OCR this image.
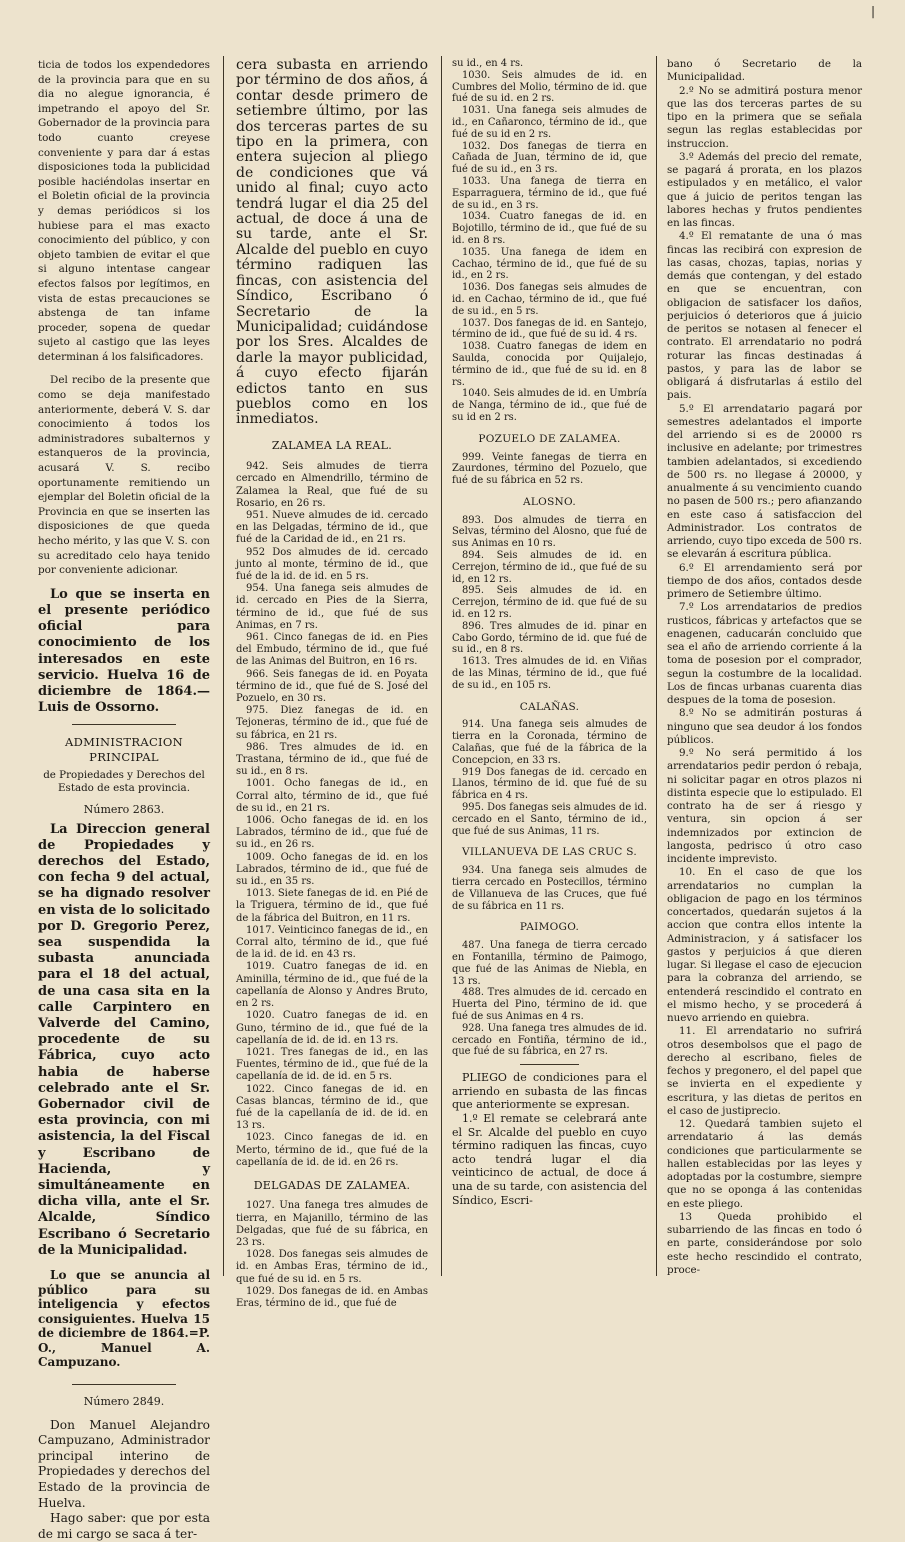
|

ticia de todos los expendedores de la provincia para que en su dia no alegue ignorancia, é impetrando el apoyo del Sr. Gobernador de la provincia para todo cuanto creyese conveniente y para dar á estas disposiciones toda la publicidad posible haciéndolas insertar en el Boletin oficial de la provincia y demas periódicos si los hubiese para el mas exacto conocimiento del público, y con objeto tambien de evitar el que si alguno intentase cangear efectos falsos por legítimos, en vista de estas precauciones se abstenga de tan infame proceder, sopena de quedar sujeto al castigo que las leyes determinan á los falsificadores.

Del recibo de la presente que como se deja manifestado anteriormente, deberá V. S. dar conocimiento á todos los administradores subalternos y estanqueros de la provincia, acusará V. S. recibo oportunamente remitiendo un ejemplar del Boletin oficial de la Provincia en que se inserten las disposiciones de que queda hecho mérito, y las que V. S. con su acreditado celo haya tenido por conveniente adicionar.

Lo que se inserta en el presente periódico oficial para conocimiento de los interesados en este servicio. Huelva 16 de diciembre de 1864.—Luis de Ossorno.

ADMINISTRACION PRINCIPAL
de Propiedades y Derechos del Estado de esta provincia.
Número 2863.

La Direccion general de Propiedades y derechos del Estado, con fecha 9 del actual, se ha dignado resolver en vista de lo solicitado por D. Gregorio Perez, sea suspendida la subasta anunciada para el 18 del actual, de una casa sita en la calle Carpintero en Valverde del Camino, procedente de su Fábrica, cuyo acto habia de haberse celebrado ante el Sr. Gobernador civil de esta provincia, con mi asistencia, la del Fiscal y Escribano de Hacienda, y simultáneamente en dicha villa, ante el Sr. Alcalde, Síndico Escribano ó Secretario de la Municipalidad.

Lo que se anuncia al público para su inteligencia y efectos consiguientes. Huelva 15 de diciembre de 1864.=P. O., Manuel A. Campuzano.

Número 2849.

Don Manuel Alejandro Campuzano, Administrador principal interino de Propiedades y derechos del Estado de la provincia de Huelva.

Hago saber: que por esta de mi cargo se saca á ter-

cera subasta en arriendo por término de dos años, á contar desde primero de setiembre último, por las dos terceras partes de su tipo en la primera, con entera sujecion al pliego de condiciones que vá unido al final; cuyo acto tendrá lugar el dia 25 del actual, de doce á una de su tarde, ante el Sr. Alcalde del pueblo en cuyo término radiquen las fincas, con asistencia del Síndico, Escribano ó Secretario de la Municipalidad; cuidándose por los Sres. Alcaldes de darle la mayor publicidad, á cuyo efecto fijarán edictos tanto en sus pueblos como en los inmediatos.

ZALAMEA LA REAL.

942. Seis almudes de tierra cercado en Almendrillo, término de Zalamea la Real, que fué de su Rosario, en 26 rs.

951. Nueve almudes de id. cercado en las Delgadas, término de id., que fué de la Caridad de id., en 21 rs.

952 Dos almudes de id. cercado junto al monte, término de id., que fué de la id. de id. en 5 rs.

954. Una fanega seis almudes de id. cercado en Pies de la Sierra, término de id., que fué de sus Animas, en 7 rs.

961. Cinco fanegas de id. en Pies del Embudo, término de id., que fué de las Animas del Buitron, en 16 rs.

966. Seis fanegas de id. en Poyata término de id., que fué de S. José del Pozuelo, en 30 rs.

975. Diez fanegas de id. en Tejoneras, término de id., que fué de su fábrica, en 21 rs.

986. Tres almudes de id. en Trastana, término de id., que fué de su id., en 8 rs.

1001. Ocho fanegas de id., en Corral alto, término de id., que fué de su id., en 21 rs.

1006. Ocho fanegas de id. en los Labrados, término de id., que fué de su id., en 26 rs.

1009. Ocho fanegas de id. en los Labrados, término de id., que fué de su id., en 35 rs.

1013. Siete fanegas de id. en Pié de la Triguera, término de id., que fué de la fábrica del Buitron, en 11 rs.

1017. Veinticinco fanegas de id., en Corral alto, término de id., que fué de la id. de id. en 43 rs.

1019. Cuatro fanegas de id. en Aminilla, término de id., que fué de la capellanía de Alonso y Andres Bruto, en 2 rs.

1020. Cuatro fanegas de id. en Guno, término de id., que fué de la capellanía de id. de id. en 13 rs.

1021. Tres fanegas de id., en las Fuentes, término de id., que fué de la capellanía de id. de id. en 5 rs.

1022. Cinco fanegas de id. en Casas blancas, término de id., que fué de la capellanía de id. de id. en 13 rs.

1023. Cinco fanegas de id. en Merto, término de id., que fué de la capellanía de id. de id. en 26 rs.

DELGADAS DE ZALAMEA.

1027. Una fanega tres almudes de tierra, en Majanillo, término de las Delgadas, que fué de su fábrica, en 23 rs.

1028. Dos fanegas seis almudes de id. en Ambas Eras, término de id., que fué de su id. en 5 rs.

1029. Dos fanegas de id. en Ambas Eras, término de id., que fué de

su id., en 4 rs.

1030. Seis almudes de id. en Cumbres del Molio, término de id. que fué de su id. en 2 rs.

1031. Una fanega seis almudes de id., en Cañaronco, término de id., que fué de su id en 2 rs.

1032. Dos fanegas de tierra en Cañada de Juan, término de id, que fué de su id., en 3 rs.

1033. Una fanega de tierra en Esparraguera, término de id., que fué de su id., en 3 rs.

1034. Cuatro fanegas de id. en Bojotillo, término de id., que fué de su id. en 8 rs.

1035. Una fanega de idem en Cachao, término de id., que fué de su id., en 2 rs.

1036. Dos fanegas seis almudes de id. en Cachao, término de id., que fué de su id., en 5 rs.

1037. Dos fanegas de id. en Santejo, término de id., que fué de su id. 4 rs.

1038. Cuatro fanegas de idem en Saulda, conocida por Quijalejo, término de id., que fué de su id. en 8 rs.

1040. Seis almudes de id. en Umbría de Nanga, término de id., que fué de su id en 2 rs.

POZUELO DE ZALAMEA.

999. Veinte fanegas de tierra en Zaurdones, término del Pozuelo, que fué de su fábrica en 52 rs.

ALOSNO.

893. Dos almudes de tierra en Selvas, término del Alosno, que fué de sus Animas en 10 rs.

894. Seis almudes de id. en Cerrejon, término de id., que fué de su id, en 12 rs.

895. Seis almudes de id. en Cerrejon, término de id. que fué de su id. en 12 rs.

896. Tres almudes de id. pinar en Cabo Gordo, término de id. que fué de su id., en 8 rs.

1613. Tres almudes de id. en Viñas de las Minas, término de id., que fué de su id., en 105 rs.

CALAÑAS.

914. Una fanega seis almudes de tierra en la Coronada, término de Calañas, que fué de la fábrica de la Concepcion, en 33 rs.

919 Dos fanegas de id. cercado en Llanos, término de id. que fué de su fábrica en 4 rs.

995. Dos fanegas seis almudes de id. cercado en el Santo, término de id., que fué de sus Animas, 11 rs.

VILLANUEVA DE LAS CRUC S.

934. Una fanega seis almudes de tierra cercado en Postecillos, término de Villanueva de las Cruces, que fué de su fábrica en 11 rs.

PAIMOGO.

487. Una fanega de tierra cercado en Fontanilla, término de Paimogo, que fué de las Animas de Niebla, en 13 rs.

488. Tres almudes de id. cercado en Huerta del Pino, término de id. que fué de sus Animas en 4 rs.

928. Una fanega tres almudes de id. cercado en Fontiña, término de id., que fué de su fábrica, en 27 rs.

PLIEGO de condiciones para el arriendo en subasta de las fincas que anteriormente se expresan.

1.º El remate se celebrará ante el Sr. Alcalde del pueblo en cuyo término radiquen las fincas, cuyo acto tendrá lugar el dia veinticinco de actual, de doce á una de su tarde, con asistencia del Síndico, Escri-

bano ó Secretario de la Municipalidad.

2.º No se admitirá postura menor que las dos terceras partes de su tipo en la primera que se señala segun las reglas establecidas por instruccion.

3.º Además del precio del remate, se pagará á prorata, en los plazos estipulados y en metálico, el valor que á juicio de peritos tengan las labores hechas y frutos pendientes en las fincas.

4.º El rematante de una ó mas fincas las recibirá con expresion de las casas, chozas, tapias, norias y demás que contengan, y del estado en que se encuentran, con obligacion de satisfacer los daños, perjuicios ó deterioros que á juicio de peritos se notasen al fenecer el contrato. El arrendatario no podrá roturar las fincas destinadas á pastos, y para las de labor se obligará á disfrutarlas á estilo del pais.

5.º El arrendatario pagará por semestres adelantados el importe del arriendo si es de 20000 rs inclusive en adelante; por trimestres tambien adelantados, si excediendo de 500 rs. no llegase á 20000, y anualmente á su vencimiento cuando no pasen de 500 rs.; pero afianzando en este caso á satisfaccion del Administrador. Los contratos de arriendo, cuyo tipo exceda de 500 rs. se elevarán á escritura pública.

6.º El arrendamiento será por tiempo de dos años, contados desde primero de Setiembre último.

7.º Los arrendatarios de predios rusticos, fábricas y artefactos que se enagenen, caducarán concluido que sea el año de arriendo corriente á la toma de posesion por el comprador, segun la costumbre de la localidad. Los de fincas urbanas cuarenta dias despues de la toma de posesion.

8.º No se admitirán posturas á ninguno que sea deudor á los fondos públicos.

9.º No será permitido á los arrendatarios pedir perdon ó rebaja, ni solicitar pagar en otros plazos ni distinta especie que lo estipulado. El contrato ha de ser á riesgo y ventura, sin opcion á ser indemnizados por extincion de langosta, pedrisco ú otro caso incidente imprevisto.

10. En el caso de que los arrendatarios no cumplan la obligacion de pago en los términos concertados, quedarán sujetos á la accion que contra ellos intente la Administracion, y á satisfacer los gastos y perjuicios á que dieren lugar. Si llegase el caso de ejecucion para la cobranza del arriendo, se entenderá rescindido el contrato en el mismo hecho, y se procederá á nuevo arriendo en quiebra.

11. El arrendatario no sufrirá otros desembolsos que el pago de derecho al escribano, fieles de fechos y pregonero, el del papel que se invierta en el expediente y escritura, y las dietas de peritos en el caso de justiprecio.

12. Quedará tambien sujeto el arrendatario á las demás condiciones que particularmente se hallen establecidas por las leyes y adoptadas por la costumbre, siempre que no se oponga á las contenidas en este pliego.

13 Queda prohibido el subarriendo de las fincas en todo ó en parte, considerándose por solo este hecho rescindido el contrato, proce-
